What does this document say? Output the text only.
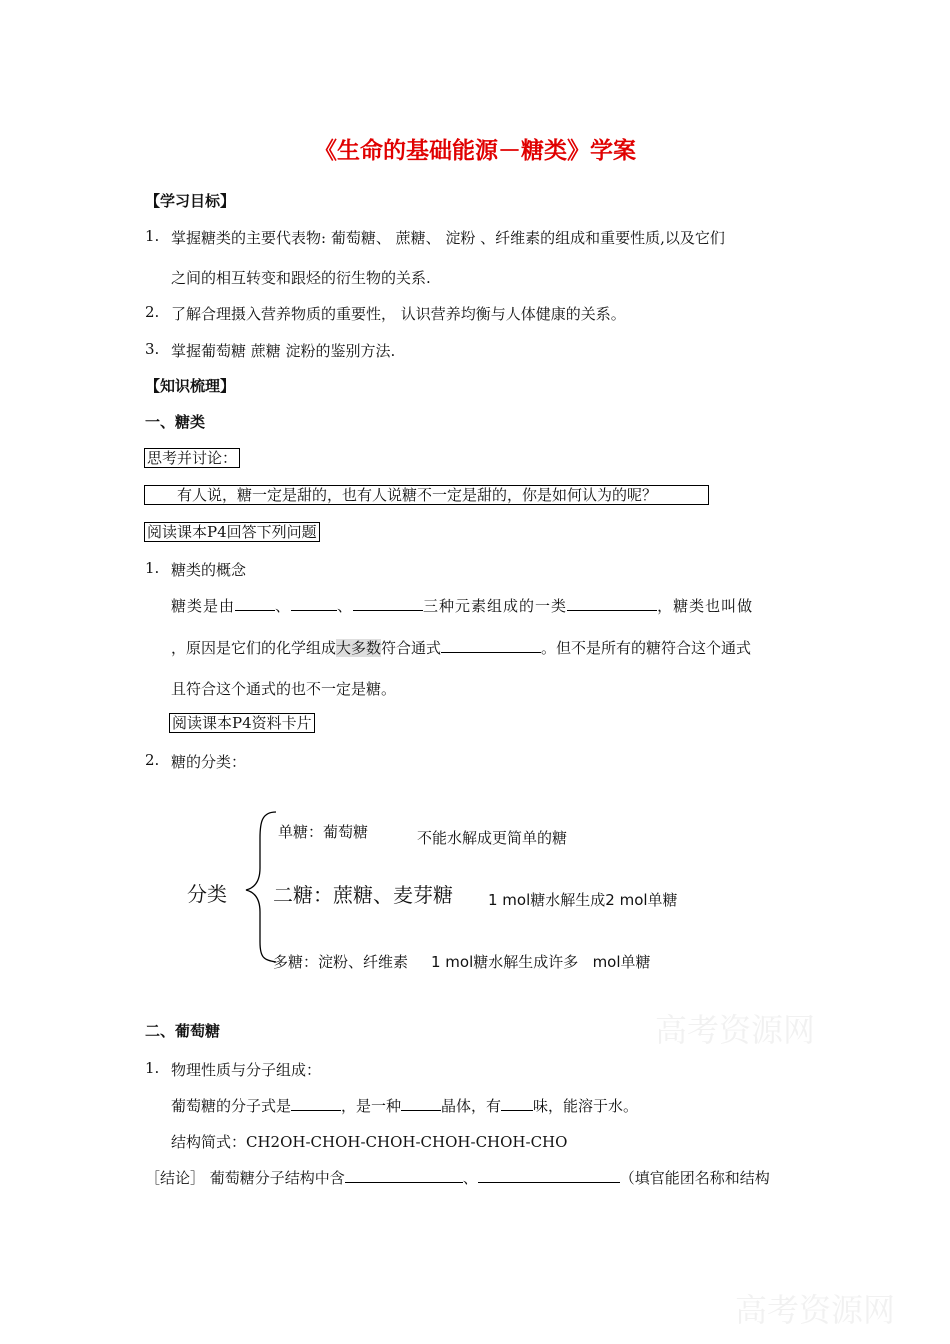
《生命的基础能源－糖类》学案
【学习目标】
1. 掌握糖类的主要代表物: 葡萄糖、 蔗糖、 淀粉 、纤维素的组成和重要性质,以及它们
之间的相互转变和跟烃的衍生物的关系.
2. 了解合理摄入营养物质的重要性， 认识营养均衡与人体健康的关系。
3. 掌握葡萄糖 蔗糖 淀粉的鉴别方法.
【知识梳理】
一、糖类
思考并讨论：
有人说，糖一定是甜的，也有人说糖不一定是甜的，你是如何认为的呢？
阅读课本P4回答下列问题
1. 糖类的概念
糖类是由	、	、	三种元素组成的一类	，糖类也叫做
，原因是它们的化学组成大多数符合通式	。但不是所有的糖符合这个通式
且符合这个通式的也不一定是糖。
阅读课本P4资料卡片
2. 糖的分类：
分类
单糖：葡萄糖	不能水解成更简单的糖
二糖：蔗糖、麦芽糖 1 mol糖水解生成2 mol单糖
多糖：淀粉、纤维素 1 mol糖水解生成许多   mol单糖
二、葡萄糖
1. 物理性质与分子组成：
葡萄糖的分子式是	，是一种	晶体，有 味，能溶于水。
结构简式：CH2OH-CHOH-CHOH-CHOH-CHOH-CHO
［结论］ 葡萄糖分子结构中含	、	（填官能团名称和结构
高考资源网
高考资源网
